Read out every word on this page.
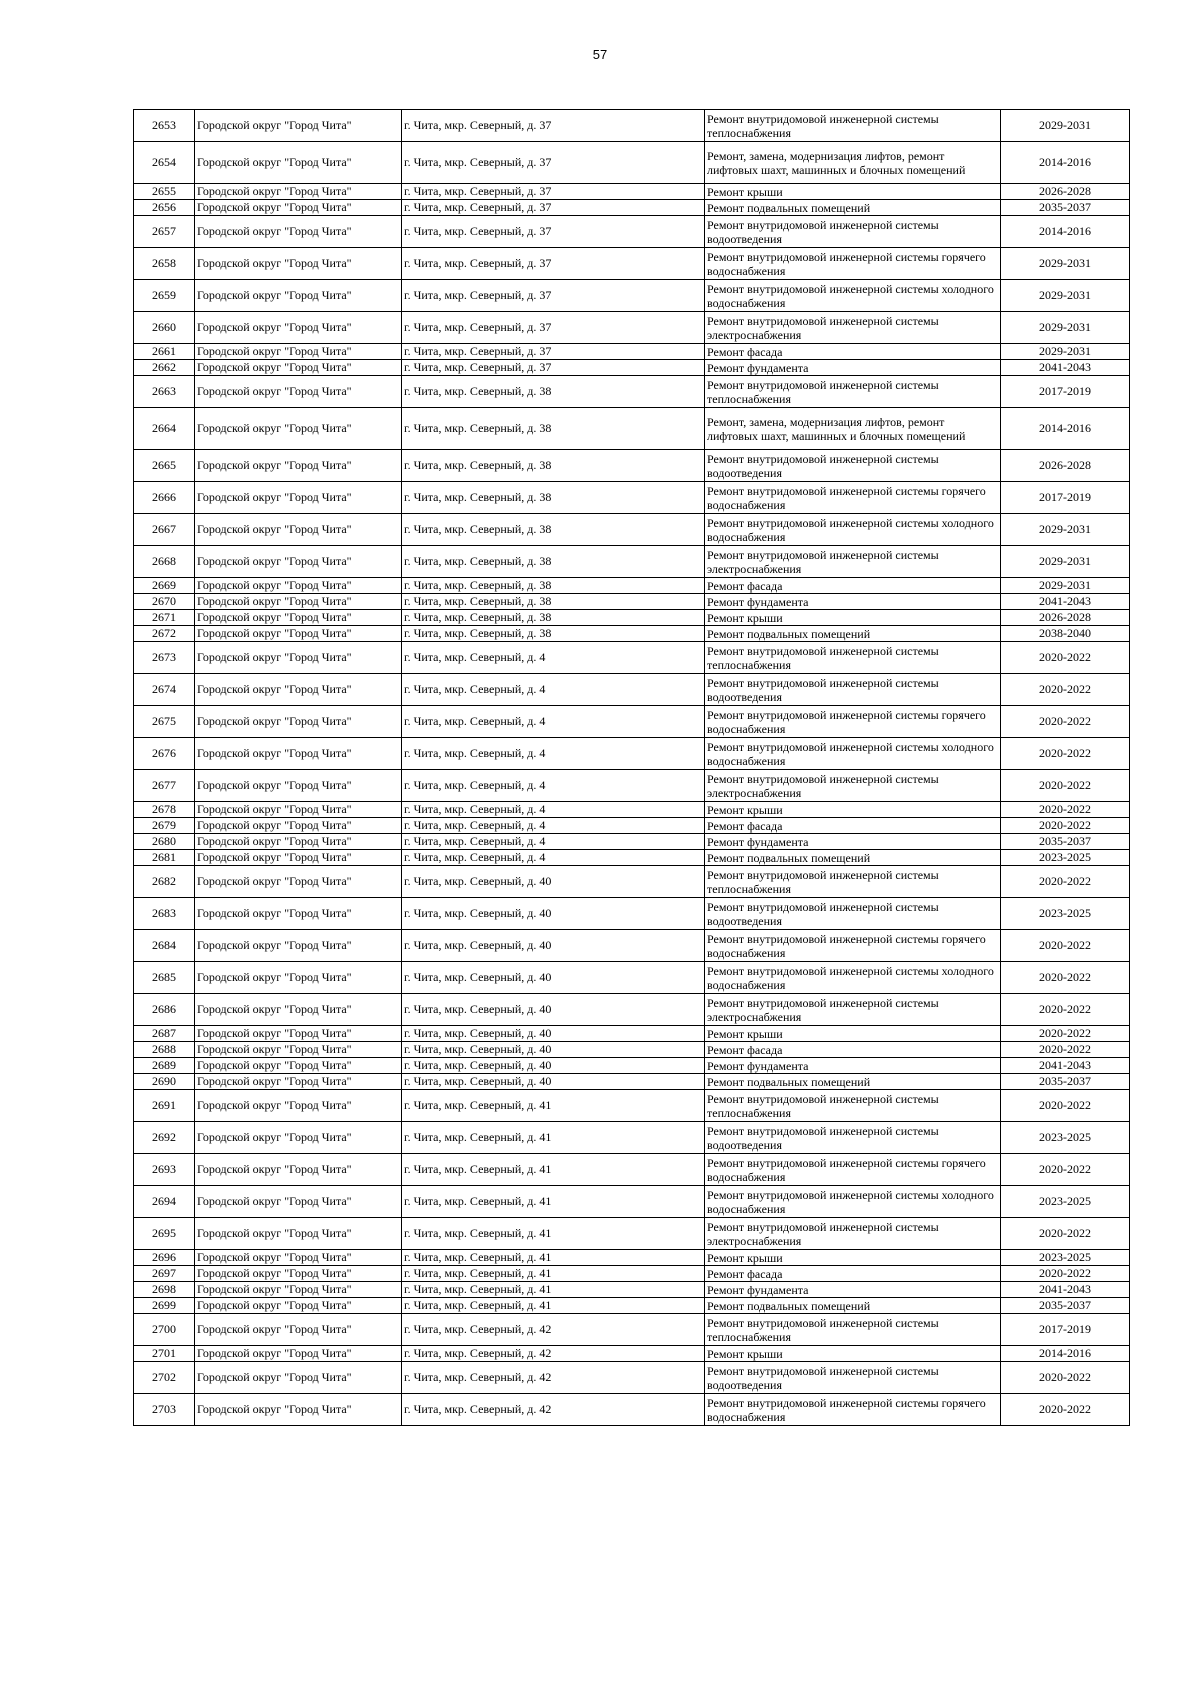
57
2653	Городской округ "Город Чита"	г. Чита, мкр. Северный, д. 37	Ремонт внутридомовой инженерной системы теплоснабжения	2029-2031
2654	Городской округ "Город Чита"	г. Чита, мкр. Северный, д. 37	Ремонт, замена, модернизация лифтов, ремонт лифтовых шахт, машинных и блочных помещений	2014-2016
2655	Городской округ "Город Чита"	г. Чита, мкр. Северный, д. 37	Ремонт крыши	2026-2028
2656	Городской округ "Город Чита"	г. Чита, мкр. Северный, д. 37	Ремонт подвальных помещений	2035-2037
2657	Городской округ "Город Чита"	г. Чита, мкр. Северный, д. 37	Ремонт внутридомовой инженерной системы водоотведения	2014-2016
2658	Городской округ "Город Чита"	г. Чита, мкр. Северный, д. 37	Ремонт внутридомовой инженерной системы горячего водоснабжения	2029-2031
2659	Городской округ "Город Чита"	г. Чита, мкр. Северный, д. 37	Ремонт внутридомовой инженерной системы холодного водоснабжения	2029-2031
2660	Городской округ "Город Чита"	г. Чита, мкр. Северный, д. 37	Ремонт внутридомовой инженерной системы электроснабжения	2029-2031
2661	Городской округ "Город Чита"	г. Чита, мкр. Северный, д. 37	Ремонт фасада	2029-2031
2662	Городской округ "Город Чита"	г. Чита, мкр. Северный, д. 37	Ремонт фундамента	2041-2043
2663	Городской округ "Город Чита"	г. Чита, мкр. Северный, д. 38	Ремонт внутридомовой инженерной системы теплоснабжения	2017-2019
2664	Городской округ "Город Чита"	г. Чита, мкр. Северный, д. 38	Ремонт, замена, модернизация лифтов, ремонт лифтовых шахт, машинных и блочных помещений	2014-2016
2665	Городской округ "Город Чита"	г. Чита, мкр. Северный, д. 38	Ремонт внутридомовой инженерной системы водоотведения	2026-2028
2666	Городской округ "Город Чита"	г. Чита, мкр. Северный, д. 38	Ремонт внутридомовой инженерной системы горячего водоснабжения	2017-2019
2667	Городской округ "Город Чита"	г. Чита, мкр. Северный, д. 38	Ремонт внутридомовой инженерной системы холодного водоснабжения	2029-2031
2668	Городской округ "Город Чита"	г. Чита, мкр. Северный, д. 38	Ремонт внутридомовой инженерной системы электроснабжения	2029-2031
2669	Городской округ "Город Чита"	г. Чита, мкр. Северный, д. 38	Ремонт фасада	2029-2031
2670	Городской округ "Город Чита"	г. Чита, мкр. Северный, д. 38	Ремонт фундамента	2041-2043
2671	Городской округ "Город Чита"	г. Чита, мкр. Северный, д. 38	Ремонт крыши	2026-2028
2672	Городской округ "Город Чита"	г. Чита, мкр. Северный, д. 38	Ремонт подвальных помещений	2038-2040
2673	Городской округ "Город Чита"	г. Чита, мкр. Северный, д. 4	Ремонт внутридомовой инженерной системы теплоснабжения	2020-2022
2674	Городской округ "Город Чита"	г. Чита, мкр. Северный, д. 4	Ремонт внутридомовой инженерной системы водоотведения	2020-2022
2675	Городской округ "Город Чита"	г. Чита, мкр. Северный, д. 4	Ремонт внутридомовой инженерной системы горячего водоснабжения	2020-2022
2676	Городской округ "Город Чита"	г. Чита, мкр. Северный, д. 4	Ремонт внутридомовой инженерной системы холодного водоснабжения	2020-2022
2677	Городской округ "Город Чита"	г. Чита, мкр. Северный, д. 4	Ремонт внутридомовой инженерной системы электроснабжения	2020-2022
2678	Городской округ "Город Чита"	г. Чита, мкр. Северный, д. 4	Ремонт крыши	2020-2022
2679	Городской округ "Город Чита"	г. Чита, мкр. Северный, д. 4	Ремонт фасада	2020-2022
2680	Городской округ "Город Чита"	г. Чита, мкр. Северный, д. 4	Ремонт фундамента	2035-2037
2681	Городской округ "Город Чита"	г. Чита, мкр. Северный, д. 4	Ремонт подвальных помещений	2023-2025
2682	Городской округ "Город Чита"	г. Чита, мкр. Северный, д. 40	Ремонт внутридомовой инженерной системы теплоснабжения	2020-2022
2683	Городской округ "Город Чита"	г. Чита, мкр. Северный, д. 40	Ремонт внутридомовой инженерной системы водоотведения	2023-2025
2684	Городской округ "Город Чита"	г. Чита, мкр. Северный, д. 40	Ремонт внутридомовой инженерной системы горячего водоснабжения	2020-2022
2685	Городской округ "Город Чита"	г. Чита, мкр. Северный, д. 40	Ремонт внутридомовой инженерной системы холодного водоснабжения	2020-2022
2686	Городской округ "Город Чита"	г. Чита, мкр. Северный, д. 40	Ремонт внутридомовой инженерной системы электроснабжения	2020-2022
2687	Городской округ "Город Чита"	г. Чита, мкр. Северный, д. 40	Ремонт крыши	2020-2022
2688	Городской округ "Город Чита"	г. Чита, мкр. Северный, д. 40	Ремонт фасада	2020-2022
2689	Городской округ "Город Чита"	г. Чита, мкр. Северный, д. 40	Ремонт фундамента	2041-2043
2690	Городской округ "Город Чита"	г. Чита, мкр. Северный, д. 40	Ремонт подвальных помещений	2035-2037
2691	Городской округ "Город Чита"	г. Чита, мкр. Северный, д. 41	Ремонт внутридомовой инженерной системы теплоснабжения	2020-2022
2692	Городской округ "Город Чита"	г. Чита, мкр. Северный, д. 41	Ремонт внутридомовой инженерной системы водоотведения	2023-2025
2693	Городской округ "Город Чита"	г. Чита, мкр. Северный, д. 41	Ремонт внутридомовой инженерной системы горячего водоснабжения	2020-2022
2694	Городской округ "Город Чита"	г. Чита, мкр. Северный, д. 41	Ремонт внутридомовой инженерной системы холодного водоснабжения	2023-2025
2695	Городской округ "Город Чита"	г. Чита, мкр. Северный, д. 41	Ремонт внутридомовой инженерной системы электроснабжения	2020-2022
2696	Городской округ "Город Чита"	г. Чита, мкр. Северный, д. 41	Ремонт крыши	2023-2025
2697	Городской округ "Город Чита"	г. Чита, мкр. Северный, д. 41	Ремонт фасада	2020-2022
2698	Городской округ "Город Чита"	г. Чита, мкр. Северный, д. 41	Ремонт фундамента	2041-2043
2699	Городской округ "Город Чита"	г. Чита, мкр. Северный, д. 41	Ремонт подвальных помещений	2035-2037
2700	Городской округ "Город Чита"	г. Чита, мкр. Северный, д. 42	Ремонт внутридомовой инженерной системы теплоснабжения	2017-2019
2701	Городской округ "Город Чита"	г. Чита, мкр. Северный, д. 42	Ремонт крыши	2014-2016
2702	Городской округ "Город Чита"	г. Чита, мкр. Северный, д. 42	Ремонт внутридомовой инженерной системы водоотведения	2020-2022
2703	Городской округ "Город Чита"	г. Чита, мкр. Северный, д. 42	Ремонт внутридомовой инженерной системы горячего водоснабжения	2020-2022
